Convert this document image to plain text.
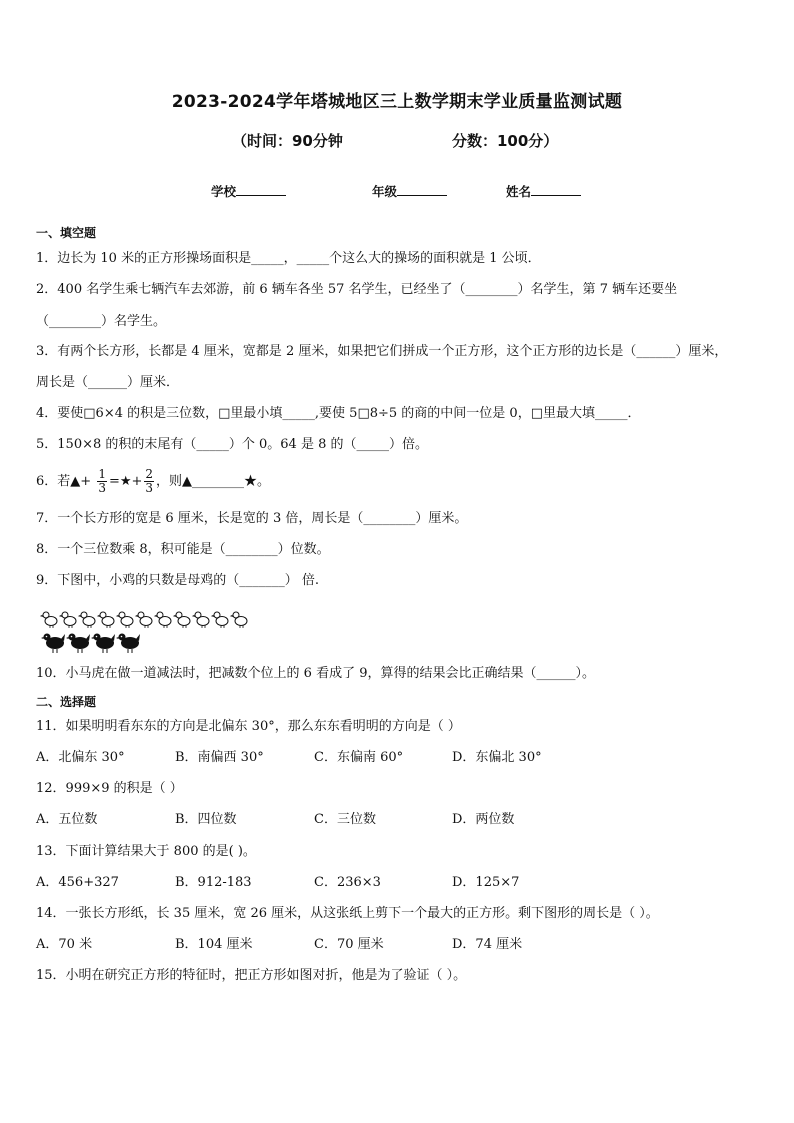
2023-2024学年塔城地区三上数学期末学业质量监测试题
（时间：90分钟	分数：100分）
学校	年级	姓名
一、填空题
1．边长为 10 米的正方形操场面积是_____，_____个这么大的操场的面积就是 1 公顷．
2．400 名学生乘七辆汽车去郊游，前 6 辆车各坐 57 名学生，已经坐了（________）名学生，第 7 辆车还要坐
（________）名学生。
3．有两个长方形，长都是 4 厘米，宽都是 2 厘米，如果把它们拼成一个正方形，这个正方形的边长是（______）厘米，
周长是（______）厘米．
4．要使□6×4 的积是三位数，□里最小填_____,要使 5□8÷5 的商的中间一位是 0，□里最大填_____．
5．150×8 的积的末尾有（_____）个 0。64 是 8 的（_____）倍。
6．若▲+ $\frac{1}{3}$ =★+ $\frac{2}{3}$ ，则▲________★。
7．一个长方形的宽是 6 厘米，长是宽的 3 倍，周长是（________）厘米。
8．一个三位数乘 8，积可能是（________）位数。
9．下图中，小鸡的只数是母鸡的（_______） 倍.
10．小马虎在做一道减法时，把减数个位上的 6 看成了 9，算得的结果会比正确结果（______）。
二、选择题
11．如果明明看东东的方向是北偏东 30°，那么东东看明明的方向是（ ）
A．北偏东 30°	B．南偏西 30°	C．东偏南 60°	D．东偏北 30°
12．999×9 的积是（ ）
A．五位数	B．四位数	C．三位数	D．两位数
13．下面计算结果大于 800 的是( )。
A．456+327	B．912-183	C．236×3	D．125×7
14．一张长方形纸，长 35 厘米，宽 26 厘米，从这张纸上剪下一个最大的正方形。剩下图形的周长是（ ）。
A．70 米	B．104 厘米	C．70 厘米	D．74 厘米
15．小明在研究正方形的特征时，把正方形如图对折，他是为了验证（ ）。
